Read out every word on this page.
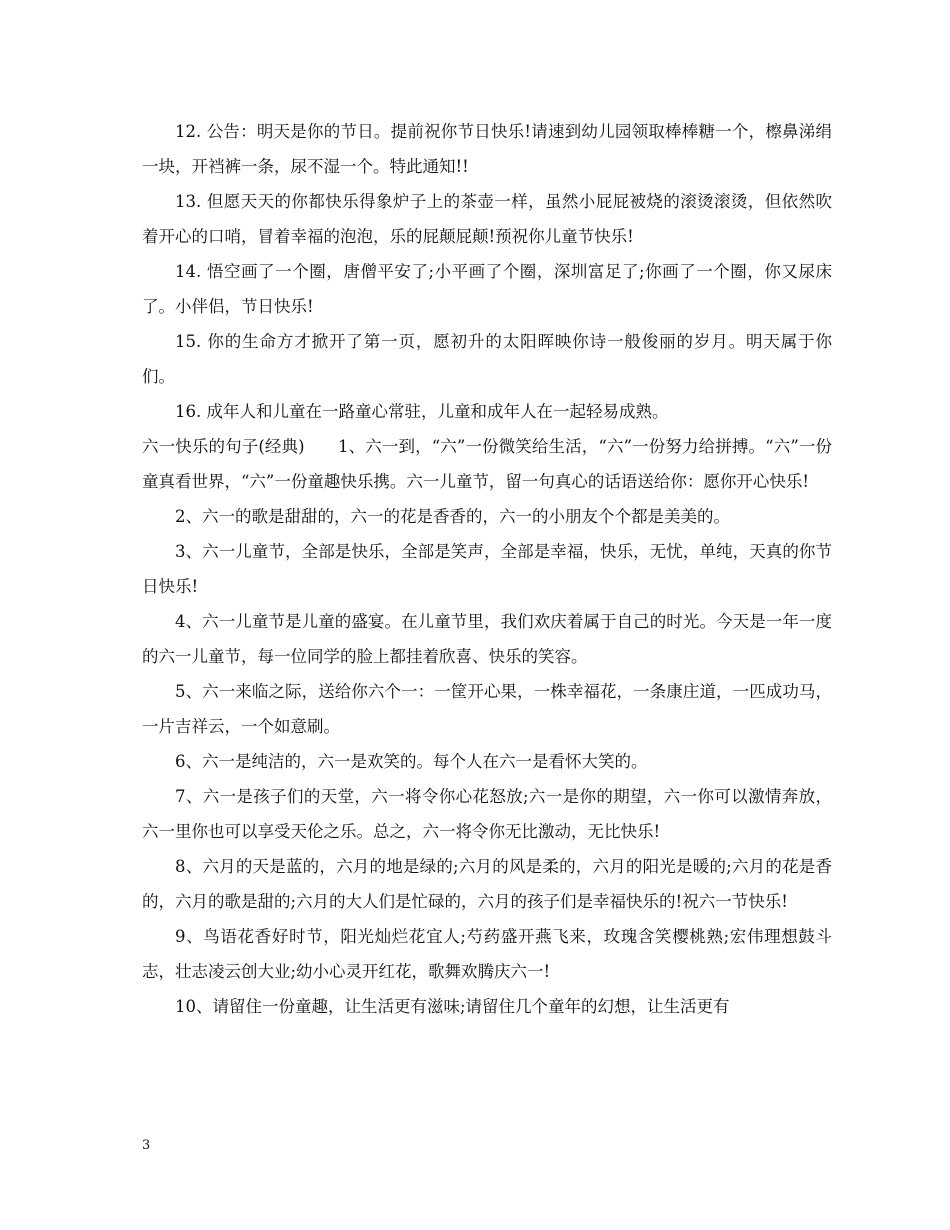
12. 公告：明天是你的节日。提前祝你节日快乐!请速到幼儿园领取棒棒糖一个，檫鼻涕绢一块，开裆裤一条，尿不湿一个。特此通知!!

13. 但愿天天的你都快乐得象炉子上的茶壶一样，虽然小屁屁被烧的滚烫滚烫，但依然吹着开心的口哨，冒着幸福的泡泡，乐的屁颠屁颠!预祝你儿童节快乐!

14. 悟空画了一个圈，唐僧平安了;小平画了个圈，深圳富足了;你画了一个圈，你又尿床了。小伴侣，节日快乐!

15. 你的生命方才掀开了第一页，愿初升的太阳晖映你诗一般俊丽的岁月。明天属于你们。

16. 成年人和儿童在一路童心常驻，儿童和成年人在一起轻易成熟。

六一快乐的句子(经典)　　1、六一到，“六”一份微笑给生活，“六”一份努力给拼搏。“六”一份童真看世界，“六”一份童趣快乐携。六一儿童节，留一句真心的话语送给你：愿你开心快乐!

2、六一的歌是甜甜的，六一的花是香香的，六一的小朋友个个都是美美的。

3、六一儿童节，全部是快乐，全部是笑声，全部是幸福，快乐，无忧，单纯，天真的你节日快乐!

4、六一儿童节是儿童的盛宴。在儿童节里，我们欢庆着属于自己的时光。今天是一年一度的六一儿童节，每一位同学的脸上都挂着欣喜、快乐的笑容。

5、六一来临之际，送给你六个一：一筐开心果，一株幸福花，一条康庄道，一匹成功马，一片吉祥云，一个如意刷。

6、六一是纯洁的，六一是欢笑的。每个人在六一是看怀大笑的。

7、六一是孩子们的天堂，六一将令你心花怒放;六一是你的期望，六一你可以激情奔放，六一里你也可以享受天伦之乐。总之，六一将令你无比激动，无比快乐!

8、六月的天是蓝的，六月的地是绿的;六月的风是柔的，六月的阳光是暖的;六月的花是香的，六月的歌是甜的;六月的大人们是忙碌的，六月的孩子们是幸福快乐的!祝六一节快乐!

9、鸟语花香好时节，阳光灿烂花宜人;芍药盛开燕飞来，玫瑰含笑樱桃熟;宏伟理想鼓斗志，壮志凌云创大业;幼小心灵开红花，歌舞欢腾庆六一!

10、请留住一份童趣，让生活更有滋味;请留住几个童年的幻想，让生活更有

3
